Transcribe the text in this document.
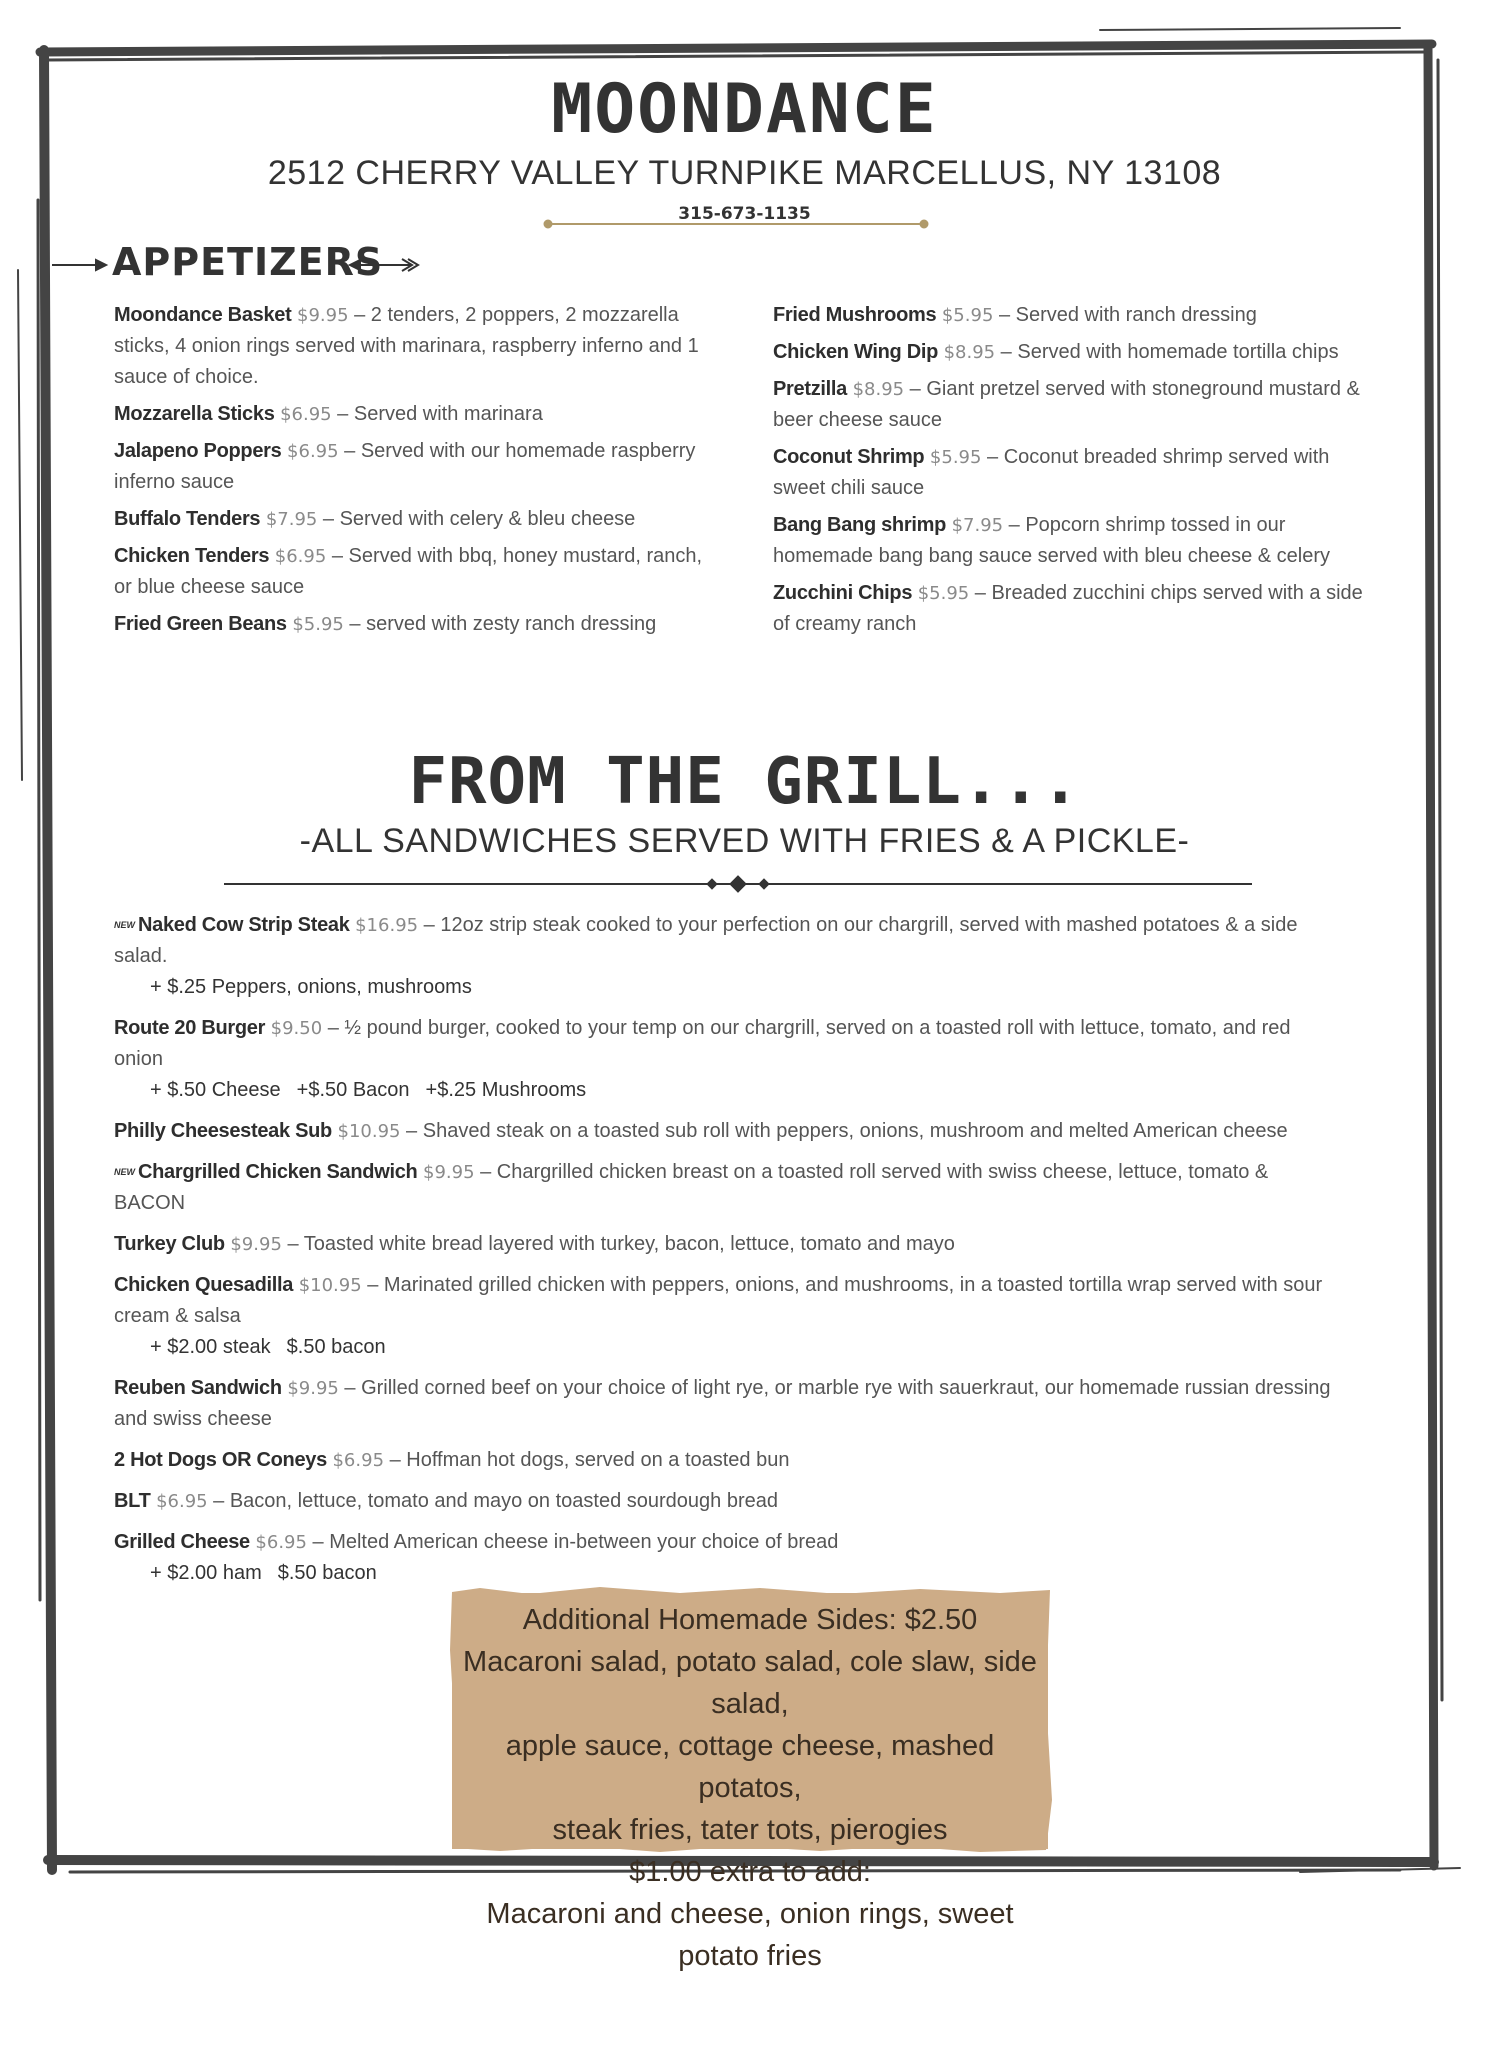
MOONDANCE
2512 CHERRY VALLEY TURNPIKE MARCELLUS, NY 13108
315-673-1135
APPETIZERS
Moondance Basket $9.95 – 2 tenders, 2 poppers, 2 mozzarella sticks, 4 onion rings served with marinara, raspberry inferno and 1 sauce of choice.
Mozzarella Sticks $6.95 – Served with marinara
Jalapeno Poppers $6.95 – Served with our homemade raspberry inferno sauce
Buffalo Tenders $7.95 – Served with celery & bleu cheese
Chicken Tenders $6.95 – Served with bbq, honey mustard, ranch, or blue cheese sauce
Fried Green Beans $5.95 – served with zesty ranch dressing
Fried Mushrooms $5.95 – Served with ranch dressing
Chicken Wing Dip $8.95 – Served with homemade tortilla chips
Pretzilla $8.95 – Giant pretzel served with stoneground mustard & beer cheese sauce
Coconut Shrimp $5.95 – Coconut breaded shrimp served with sweet chili sauce
Bang Bang shrimp $7.95 – Popcorn shrimp tossed in our homemade bang bang sauce served with bleu cheese & celery
Zucchini Chips $5.95 – Breaded zucchini chips served with a side of creamy ranch
FROM THE GRILL...
-ALL SANDWICHES SERVED WITH FRIES & A PICKLE-
$^{NEW}$ Naked Cow Strip Steak $16.95 – 12oz strip steak cooked to your perfection on our chargrill, served with mashed potatoes & a side salad.
+ $.25 Peppers, onions, mushrooms
Route 20 Burger $9.50 – ½ pound burger, cooked to your temp on our chargrill, served on a toasted roll with lettuce, tomato, and red onion
+ $.50 Cheese +$.50 Bacon +$.25 Mushrooms
Philly Cheesesteak Sub $10.95 – Shaved steak on a toasted sub roll with peppers, onions, mushroom and melted American cheese
$^{NEW}$ Chargrilled Chicken Sandwich $9.95 – Chargrilled chicken breast on a toasted roll served with swiss cheese, lettuce, tomato & BACON
Turkey Club $9.95 – Toasted white bread layered with turkey, bacon, lettuce, tomato and mayo
Chicken Quesadilla $10.95 – Marinated grilled chicken with peppers, onions, and mushrooms, in a toasted tortilla wrap served with sour cream & salsa
+ $2.00 steak $.50 bacon
Reuben Sandwich $9.95 – Grilled corned beef on your choice of light rye, or marble rye with sauerkraut, our homemade russian dressing and swiss cheese
2 Hot Dogs OR Coneys $6.95 – Hoffman hot dogs, served on a toasted bun
BLT $6.95 – Bacon, lettuce, tomato and mayo on toasted sourdough bread
Grilled Cheese $6.95 – Melted American cheese in-between your choice of bread
+ $2.00 ham $.50 bacon
Additional Homemade Sides: $2.50
Macaroni salad, potato salad, cole slaw, side salad,
apple sauce, cottage cheese, mashed potatos,
steak fries, tater tots, pierogies
$1.00 extra to add:
Macaroni and cheese, onion rings, sweet potato fries
